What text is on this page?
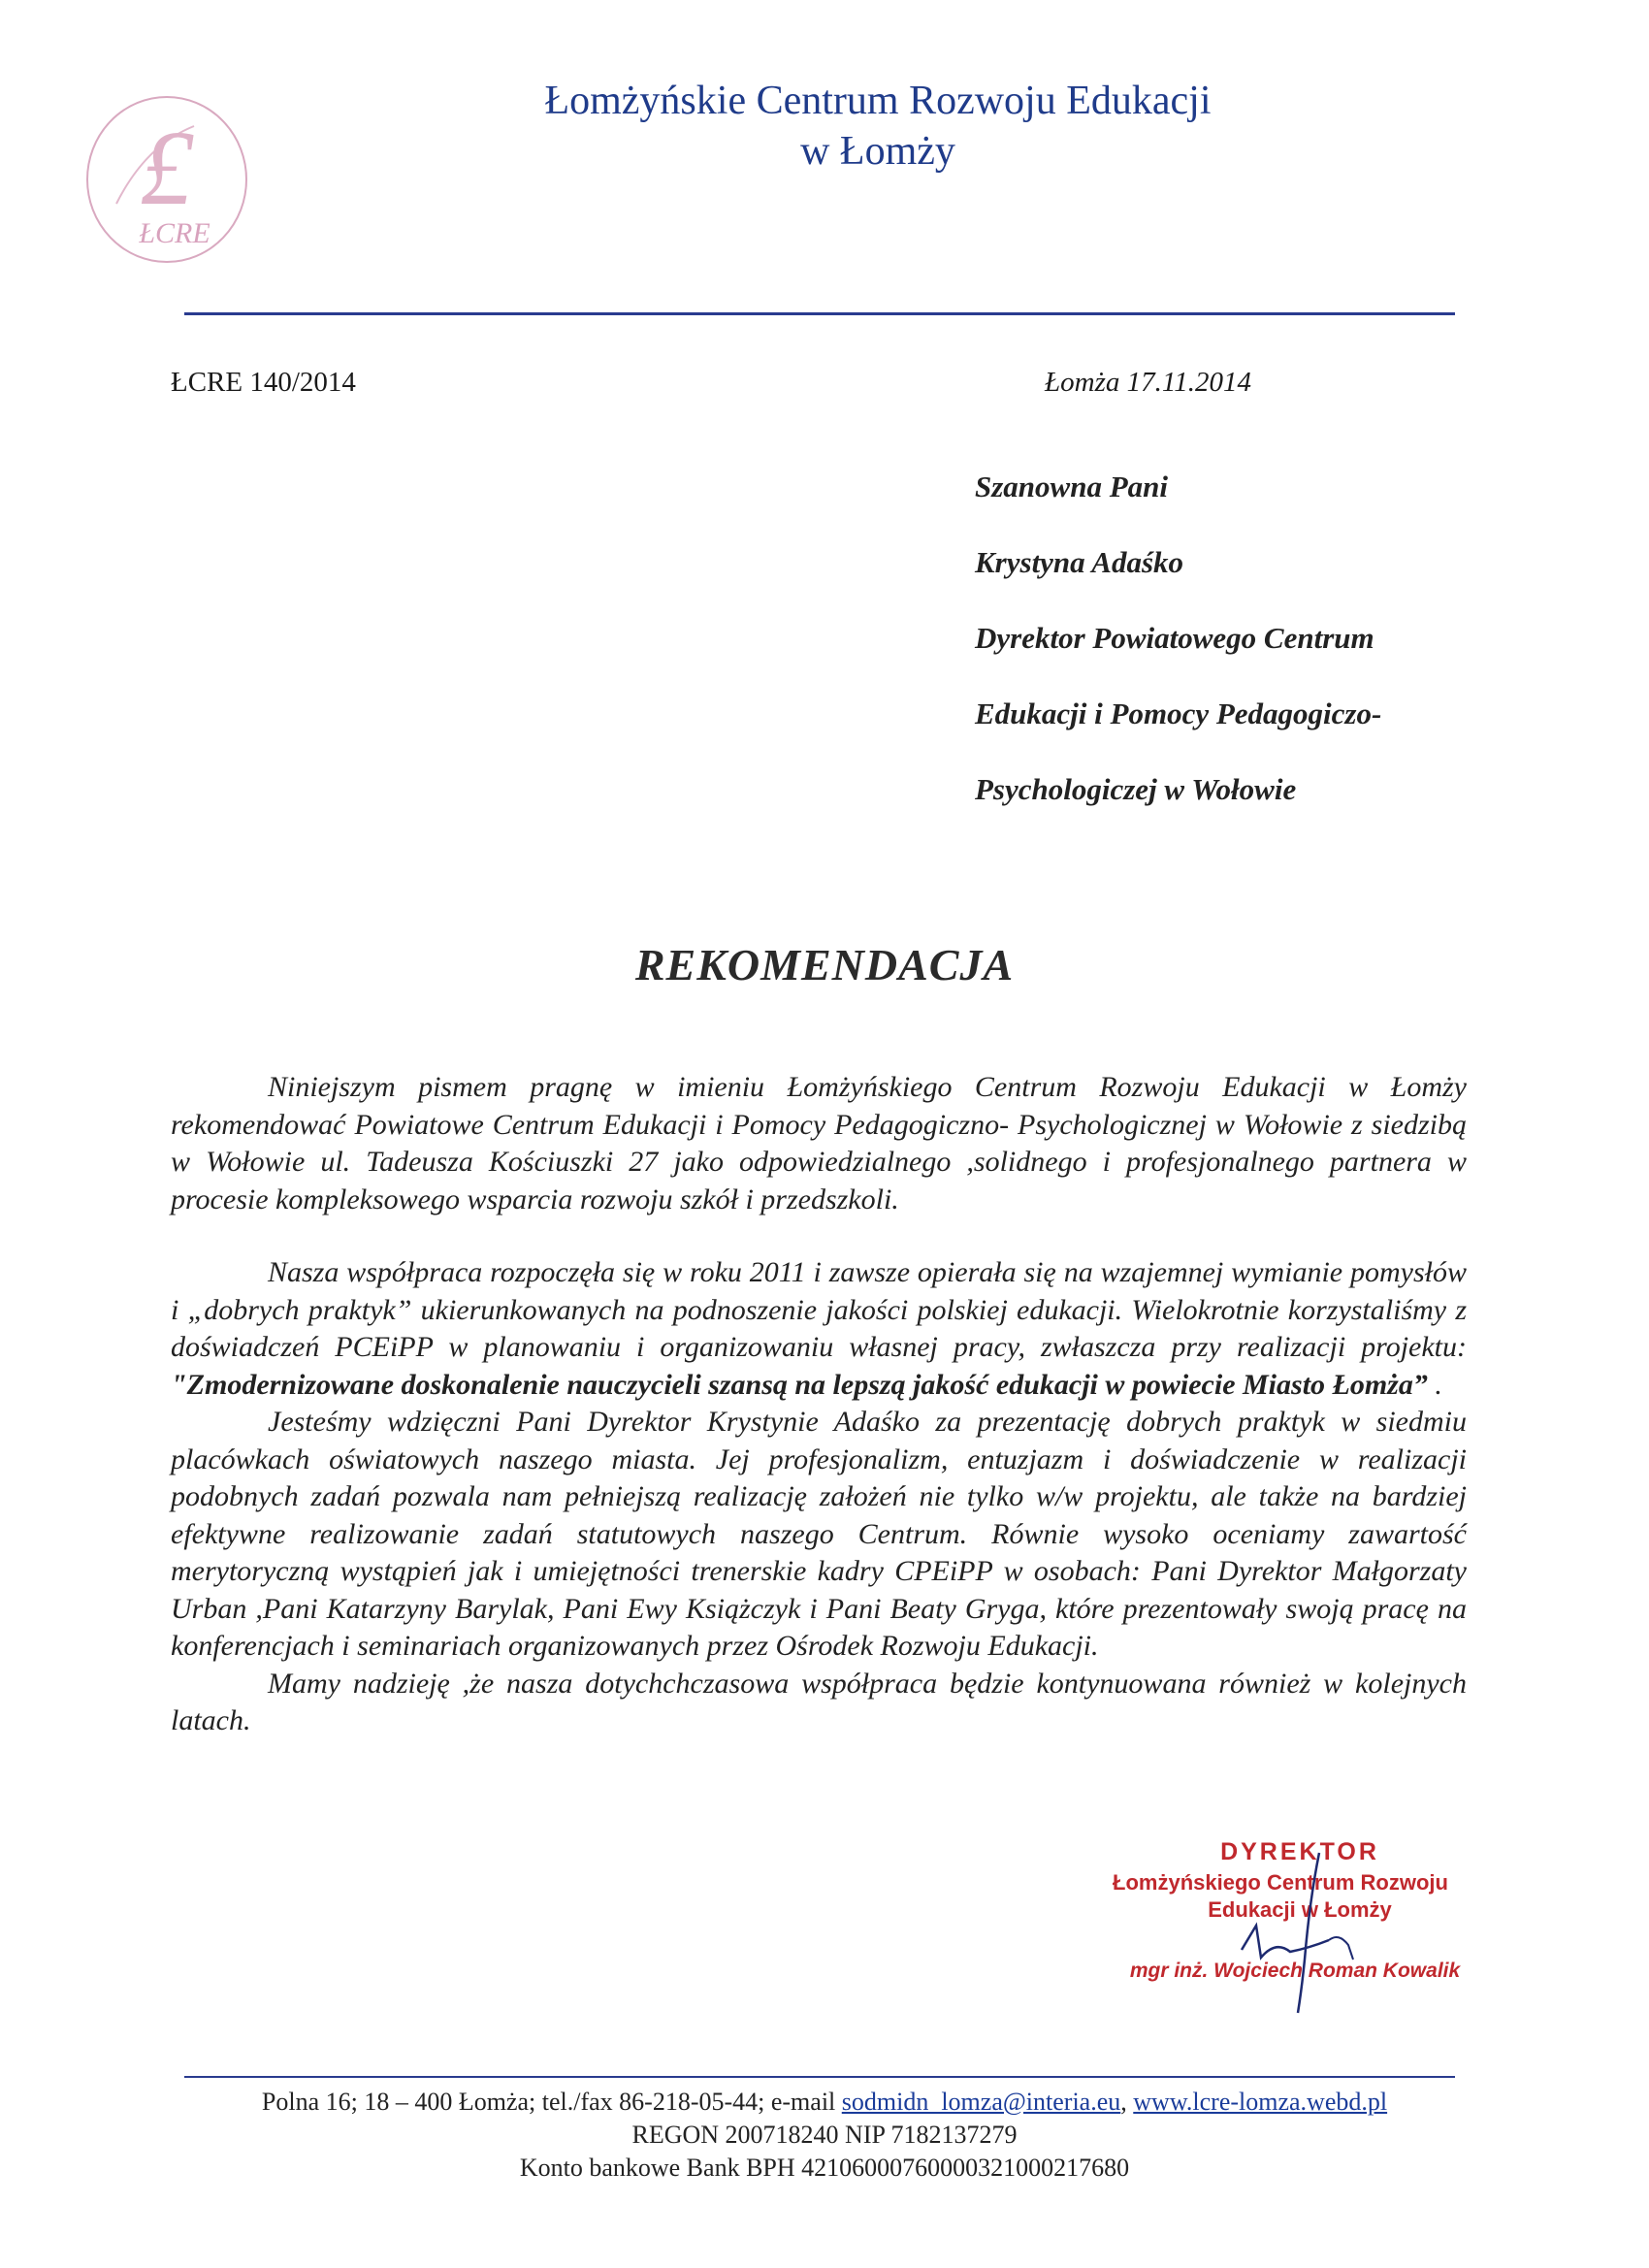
£
ŁCRE
Łomżyńskie Centrum Rozwoju Edukacji
w Łomży
ŁCRE 140/2014	Łomża 17.11.2014
Szanowna Pani
Krystyna Adaśko
Dyrektor Powiatowego Centrum
Edukacji i Pomocy Pedagogiczo-
Psychologiczej w Wołowie
REKOMENDACJA

Niniejszym pismem pragnę w imieniu Łomżyńskiego Centrum Rozwoju Edukacji w Łomży rekomendować Powiatowe Centrum Edukacji i Pomocy Pedagogiczno- Psychologicznej w Wołowie z siedzibą w Wołowie ul. Tadeusza Kościuszki 27 jako odpowiedzialnego ,solidnego i profesjonalnego partnera w procesie kompleksowego wsparcia rozwoju szkół i przedszkoli.

Nasza współpraca rozpoczęła się w roku 2011 i zawsze opierała się na wzajemnej wymianie pomysłów i „dobrych praktyk” ukierunkowanych na podnoszenie jakości polskiej edukacji. Wielokrotnie korzystaliśmy z doświadczeń PCEiPP w planowaniu i organizowaniu własnej pracy, zwłaszcza przy realizacji projektu: "Zmodernizowane doskonalenie nauczycieli szansą na lepszą jakość edukacji w powiecie Miasto Łomża” .

Jesteśmy wdzięczni Pani Dyrektor Krystynie Adaśko za prezentację dobrych praktyk w siedmiu placówkach oświatowych naszego miasta. Jej profesjonalizm, entuzjazm i doświadczenie w realizacji podobnych zadań pozwala nam pełniejszą realizację założeń nie tylko w/w projektu, ale także na bardziej efektywne realizowanie zadań statutowych naszego Centrum. Równie wysoko oceniamy zawartość merytoryczną wystąpień jak i umiejętności trenerskie kadry CPEiPP w osobach: Pani Dyrektor Małgorzaty Urban ,Pani Katarzyny Barylak, Pani Ewy Książczyk i Pani Beaty Gryga, które prezentowały swoją pracę na konferencjach i seminariach organizowanych przez Ośrodek Rozwoju Edukacji.

Mamy nadzieję ,że nasza dotychchczasowa współpraca będzie kontynuowana również w kolejnych latach.

DYREKTOR
Łomżyńskiego Centrum Rozwoju
Edukacji w Łomży
mgr inż. Wojciech Roman Kowalik
Polna 16; 18 – 400 Łomża; tel./fax 86-218-05-44; e-mail sodmidn_lomza@interia.eu, www.lcre-lomza.webd.pl
REGON 200718240 NIP 7182137279
Konto bankowe Bank BPH 42106000760000321000217680
